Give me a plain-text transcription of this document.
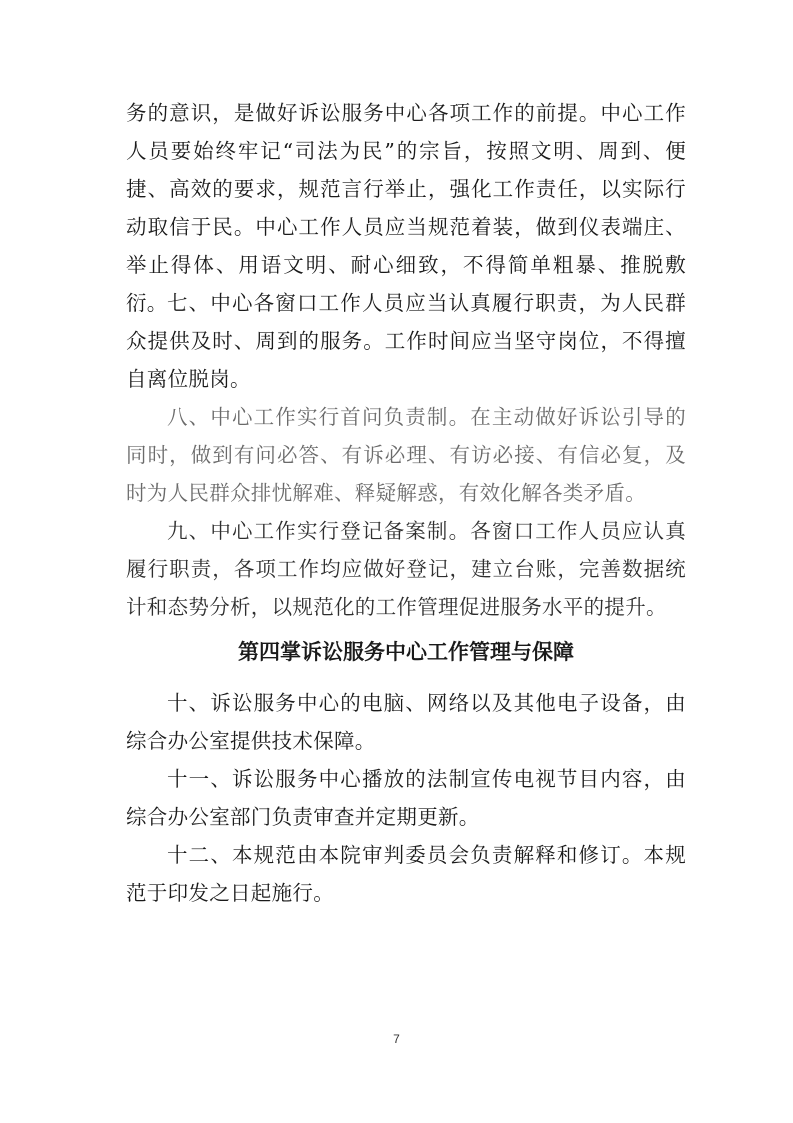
务的意识，是做好诉讼服务中心各项工作的前提。中心工作人员要始终牢记“司法为民”的宗旨，按照文明、周到、便捷、高效的要求，规范言行举止，强化工作责任，以实际行动取信于民。中心工作人员应当规范着装，做到仪表端庄、举止得体、用语文明、耐心细致，不得简单粗暴、推脱敷衍。 七、中心各窗口工作人员应当认真履行职责，为人民群众提供及时、周到的服务。工作时间应当坚守岗位，不得擅自离位脱岗。

八、中心工作实行首问负责制。在主动做好诉讼引导的同时，做到有问必答、有诉必理、有访必接、有信必复，及时为人民群众排忧解难、释疑解惑，有效化解各类矛盾。

九、中心工作实行登记备案制。各窗口工作人员应认真履行职责，各项工作均应做好登记，建立台账，完善数据统计和态势分析，以规范化的工作管理促进服务水平的提升。

第四掌诉讼服务中心工作管理与保障

十、诉讼服务中心的电脑、网络以及其他电子设备，由综合办公室提供技术保障。

十一、诉讼服务中心播放的法制宣传电视节目内容，由综合办公室部门负责审查并定期更新。

十二、本规范由本院审判委员会负责解释和修订。本规范于印发之日起施行。

7
